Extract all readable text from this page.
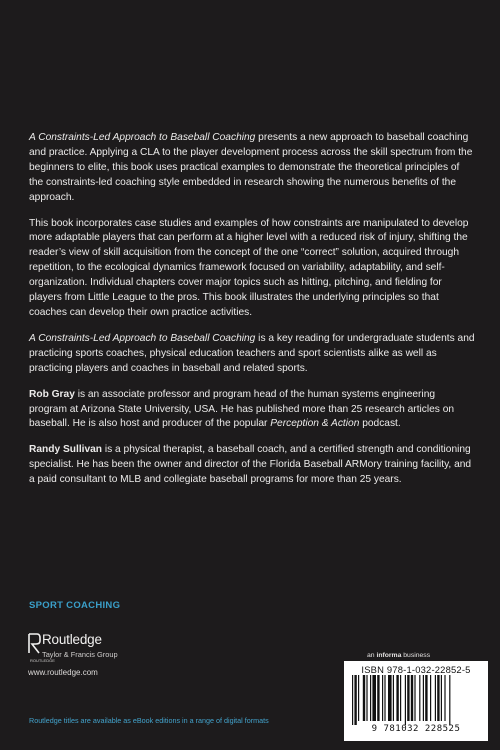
A Constraints-Led Approach to Baseball Coaching presents a new approach to baseball coaching and practice. Applying a CLA to the player development process across the skill spectrum from the beginners to elite, this book uses practical examples to demonstrate the theoretical principles of the constraints-led coaching style embedded in research showing the numerous benefits of the approach.

This book incorporates case studies and examples of how constraints are manipulated to develop more adaptable players that can perform at a higher level with a reduced risk of injury, shifting the reader’s view of skill acquisition from the concept of the one “correct” solution, acquired through repetition, to the ecological dynamics framework focused on variability, adaptability, and self-organization. Individual chapters cover major topics such as hitting, pitching, and fielding for players from Little League to the pros. This book illustrates the underlying principles so that coaches can develop their own practice activities.

A Constraints-Led Approach to Baseball Coaching is a key reading for undergraduate students and practicing sports coaches, physical education teachers and sport scientists alike as well as practicing players and coaches in baseball and related sports.

Rob Gray is an associate professor and program head of the human systems engineering program at Arizona State University, USA. He has published more than 25 research articles on baseball. He is also host and producer of the popular Perception & Action podcast.

Randy Sullivan is a physical therapist, a baseball coach, and a certified strength and conditioning specialist. He has been the owner and director of the Florida Baseball ARMory training facility, and a paid consultant to MLB and collegiate baseball programs for more than 25 years.

SPORT COACHING
ROUTLEDGE
Routledge
Taylor & Francis Group
www.routledge.com
an informa business
ISBN 978-1-032-22852-5
9 781032 228525
Routledge titles are available as eBook editions in a range of digital formats
